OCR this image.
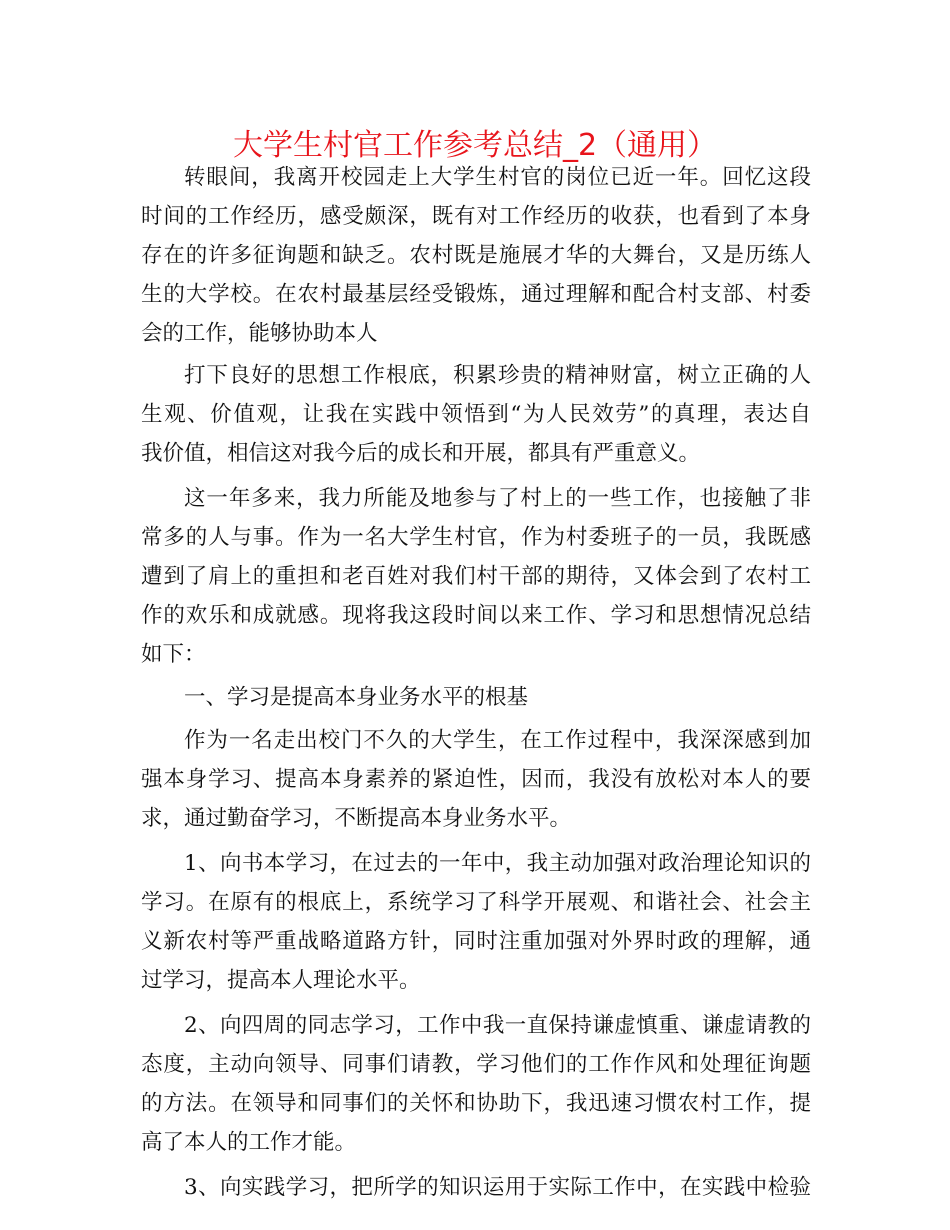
大学生村官工作参考总结_2（通用）
转眼间，我离开校园走上大学生村官的岗位已近一年。回忆这段
时间的工作经历，感受颇深，既有对工作经历的收获，也看到了本身
存在的许多征询题和缺乏。农村既是施展才华的大舞台，又是历练人
生的大学校。在农村最基层经受锻炼，通过理解和配合村支部、村委
会的工作，能够协助本人
打下良好的思想工作根底，积累珍贵的精神财富，树立正确的人
生观、价值观，让我在实践中领悟到“为人民效劳”的真理，表达自
我价值，相信这对我今后的成长和开展，都具有严重意义。
这一年多来，我力所能及地参与了村上的一些工作，也接触了非
常多的人与事。作为一名大学生村官，作为村委班子的一员，我既感
遭到了肩上的重担和老百姓对我们村干部的期待，又体会到了农村工
作的欢乐和成就感。现将我这段时间以来工作、学习和思想情况总结
如下：
一、学习是提高本身业务水平的根基
作为一名走出校门不久的大学生，在工作过程中，我深深感到加
强本身学习、提高本身素养的紧迫性，因而，我没有放松对本人的要
求，通过勤奋学习，不断提高本身业务水平。
1、向书本学习，在过去的一年中，我主动加强对政治理论知识的
学习。在原有的根底上，系统学习了科学开展观、和谐社会、社会主
义新农村等严重战略道路方针，同时注重加强对外界时政的理解，通
过学习，提高本人理论水平。
2、向四周的同志学习，工作中我一直保持谦虚慎重、谦虚请教的
态度，主动向领导、同事们请教，学习他们的工作作风和处理征询题
的方法。在领导和同事们的关怀和协助下，我迅速习惯农村工作，提
高了本人的工作才能。
3、向实践学习，把所学的知识运用于实际工作中，在实践中检验
